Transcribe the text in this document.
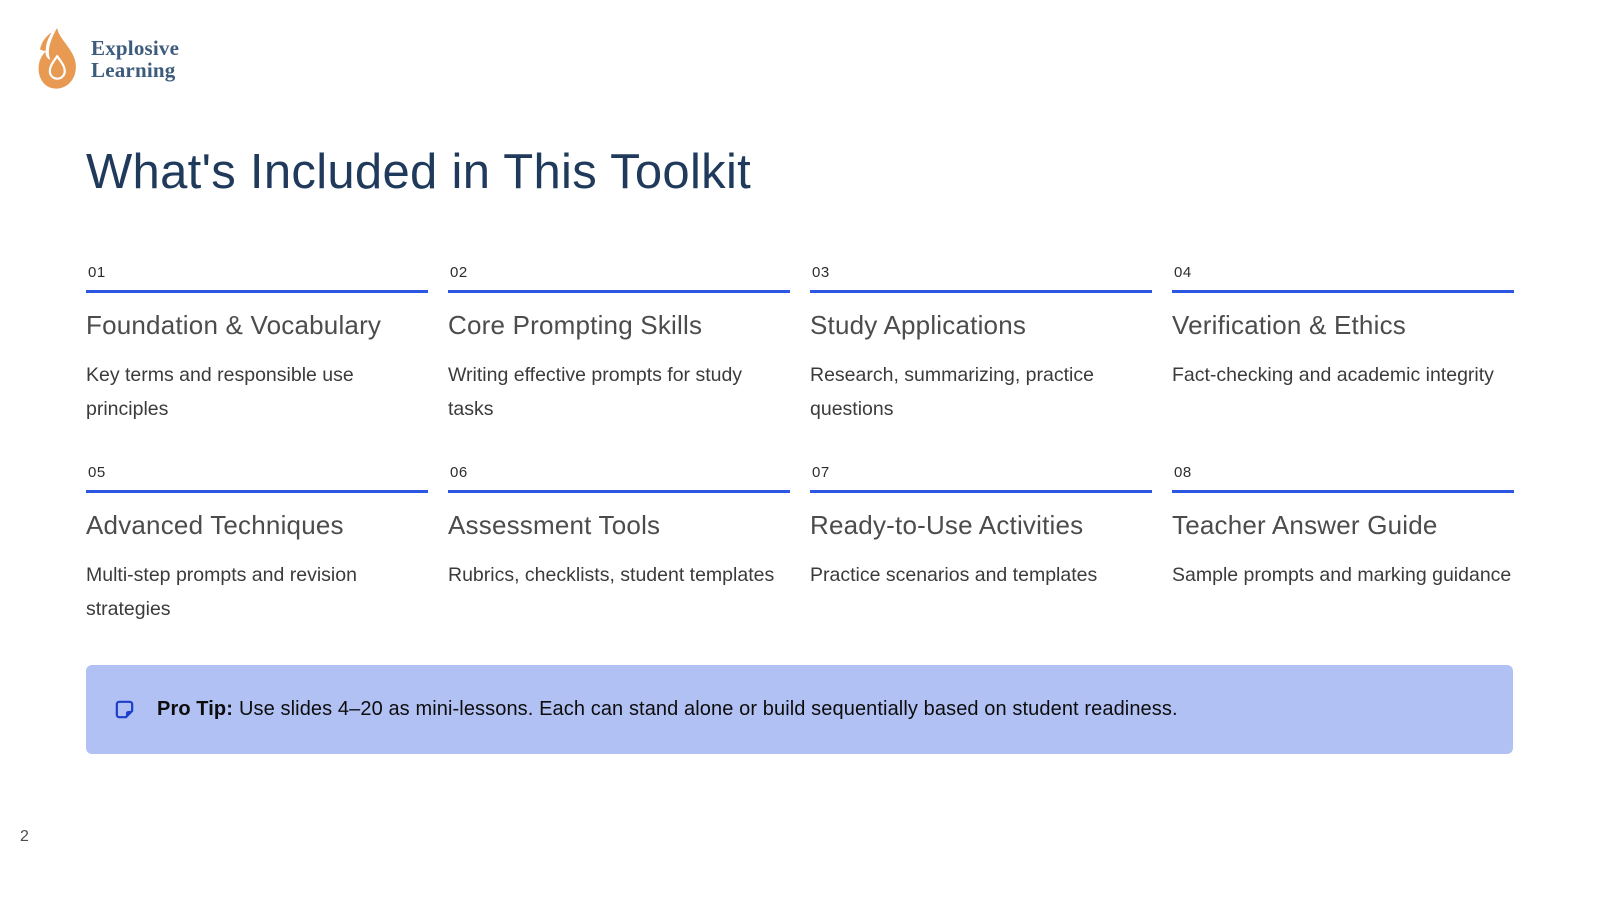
Explosive
Learning
What's Included in This Toolkit

01

Foundation & Vocabulary

Key terms and responsible use principles

02

Core Prompting Skills

Writing effective prompts for study tasks

03

Study Applications

Research, summarizing, practice questions

04

Verification & Ethics

Fact-checking and academic integrity

05

Advanced Techniques

Multi-step prompts and revision strategies

06

Assessment Tools

Rubrics, checklists, student templates

07

Ready-to-Use Activities

Practice scenarios and templates

08

Teacher Answer Guide

Sample prompts and marking guidance

Pro Tip: Use slides 4–20 as mini-lessons. Each can stand alone or build sequentially based on student readiness.

2
